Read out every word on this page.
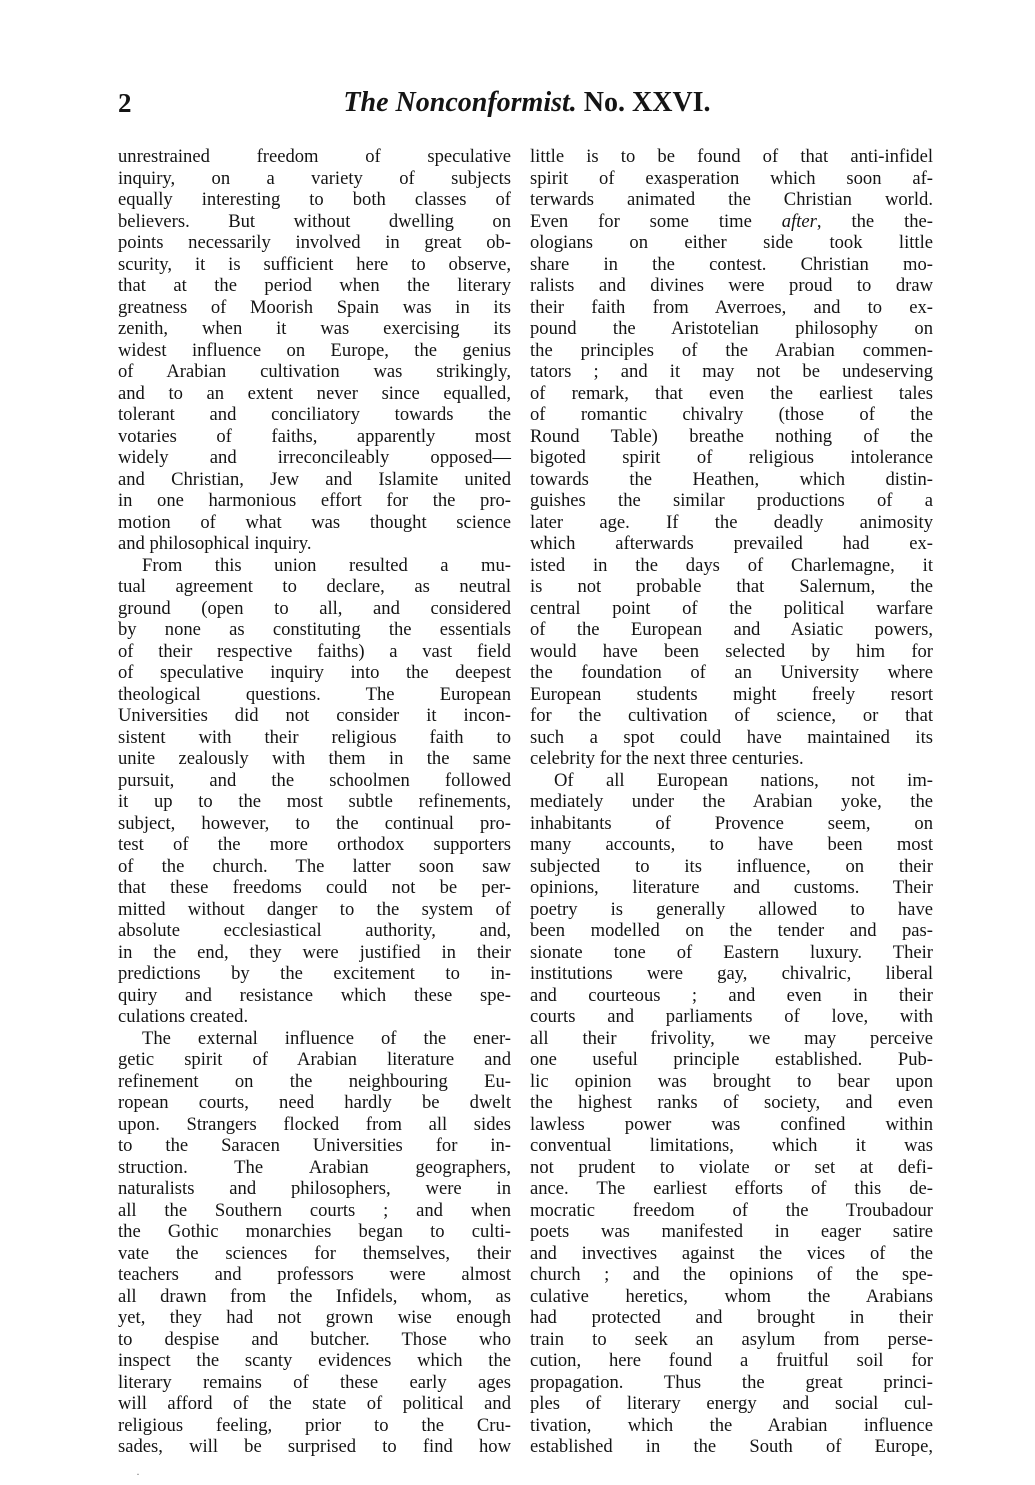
2	The Nonconformist. No. XXVI.
unrestrained freedom of speculative
inquiry, on a variety of subjects
equally interesting to both classes of
believers. But without dwelling on
points necessarily involved in great ob-
scurity, it is sufficient here to observe,
that at the period when the literary
greatness of Moorish Spain was in its
zenith, when it was exercising its
widest influence on Europe, the genius
of Arabian cultivation was strikingly,
and to an extent never since equalled,
tolerant and conciliatory towards the
votaries of faiths, apparently most
widely and irreconcileably opposed—
and Christian, Jew and Islamite united
in one harmonious effort for the pro-
motion of what was thought science
and philosophical inquiry.
From this union resulted a mu-
tual agreement to declare, as neutral
ground (open to all, and considered
by none as constituting the essentials
of their respective faiths) a vast field
of speculative inquiry into the deepest
theological questions. The European
Universities did not consider it incon-
sistent with their religious faith to
unite zealously with them in the same
pursuit, and the schoolmen followed
it up to the most subtle refinements,
subject, however, to the continual pro-
test of the more orthodox supporters
of the church. The latter soon saw
that these freedoms could not be per-
mitted without danger to the system of
absolute ecclesiastical authority, and,
in the end, they were justified in their
predictions by the excitement to in-
quiry and resistance which these spe-
culations created.
The external influence of the ener-
getic spirit of Arabian literature and
refinement on the neighbouring Eu-
ropean courts, need hardly be dwelt
upon. Strangers flocked from all sides
to the Saracen Universities for in-
struction. The Arabian geographers,
naturalists and philosophers, were in
all the Southern courts ; and when
the Gothic monarchies began to culti-
vate the sciences for themselves, their
teachers and professors were almost
all drawn from the Infidels, whom, as
yet, they had not grown wise enough
to despise and butcher. Those who
inspect the scanty evidences which the
literary remains of these early ages
will afford of the state of political and
religious feeling, prior to the Cru-
sades, will be surprised to find how
little is to be found of that anti-infidel
spirit of exasperation which soon af-
terwards animated the Christian world.
Even for some time after, the the-
ologians on either side took little
share in the contest. Christian mo-
ralists and divines were proud to draw
their faith from Averroes, and to ex-
pound the Aristotelian philosophy on
the principles of the Arabian commen-
tators ; and it may not be undeserving
of remark, that even the earliest tales
of romantic chivalry (those of the
Round Table) breathe nothing of the
bigoted spirit of religious intolerance
towards the Heathen, which distin-
guishes the similar productions of a
later age. If the deadly animosity
which afterwards prevailed had ex-
isted in the days of Charlemagne, it
is not probable that Salernum, the
central point of the political warfare
of the European and Asiatic powers,
would have been selected by him for
the foundation of an University where
European students might freely resort
for the cultivation of science, or that
such a spot could have maintained its
celebrity for the next three centuries.
Of all European nations, not im-
mediately under the Arabian yoke, the
inhabitants of Provence seem, on
many accounts, to have been most
subjected to its influence, on their
opinions, literature and customs. Their
poetry is generally allowed to have
been modelled on the tender and pas-
sionate tone of Eastern luxury. Their
institutions were gay, chivalric, liberal
and courteous ; and even in their
courts and parliaments of love, with
all their frivolity, we may perceive
one useful principle established. Pub-
lic opinion was brought to bear upon
the highest ranks of society, and even
lawless power was confined within
conventual limitations, which it was
not prudent to violate or set at defi-
ance. The earliest efforts of this de-
mocratic freedom of the Troubadour
poets was manifested in eager satire
and invectives against the vices of the
church ; and the opinions of the spe-
culative heretics, whom the Arabians
had protected and brought in their
train to seek an asylum from perse-
cution, here found a fruitful soil for
propagation. Thus the great princi-
ples of literary energy and social cul-
tivation, which the Arabian influence
established in the South of Europe,
·
